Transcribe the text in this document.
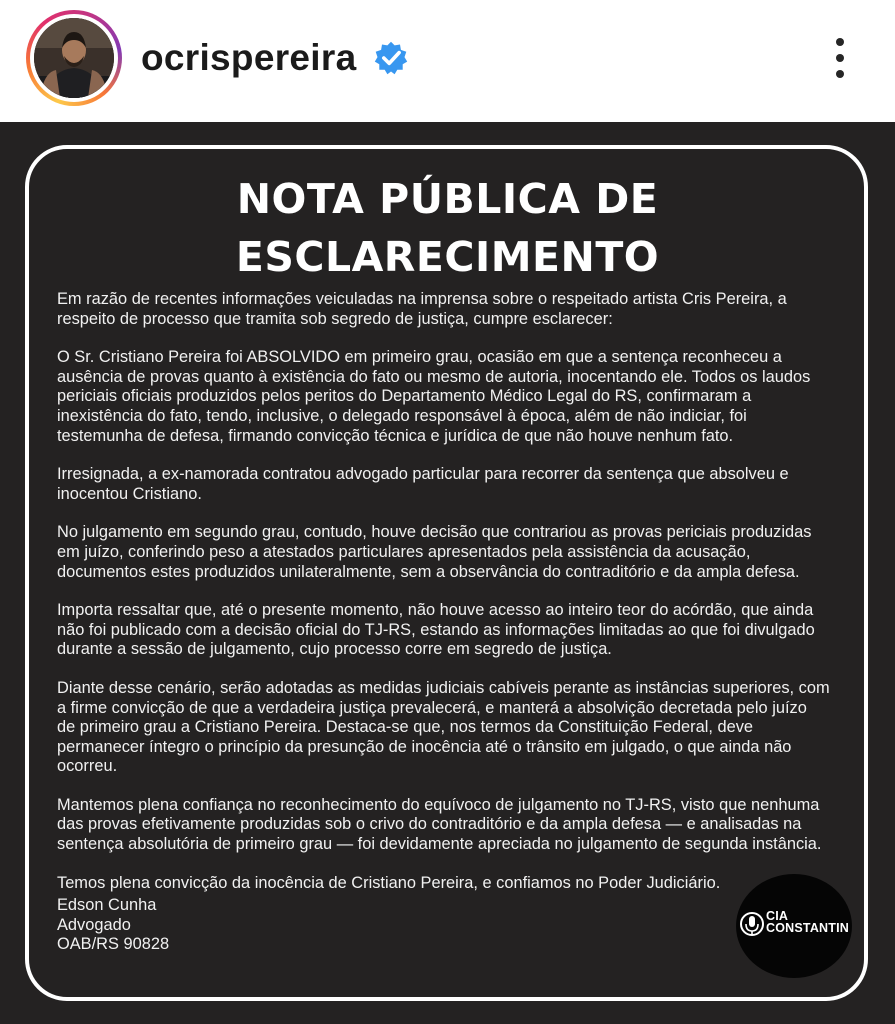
ocrispereira
NOTA PÚBLICA DE
ESCLARECIMENTO

Em razão de recentes informações veiculadas na imprensa sobre o respeitado artista Cris Pereira, a
respeito de processo que tramita sob segredo de justiça, cumpre esclarecer:

O Sr. Cristiano Pereira foi ABSOLVIDO em primeiro grau, ocasião em que a sentença reconheceu a
ausência de provas quanto à existência do fato ou mesmo de autoria, inocentando ele. Todos os laudos
periciais oficiais produzidos pelos peritos do Departamento Médico Legal do RS, confirmaram a
inexistência do fato, tendo, inclusive, o delegado responsável à época, além de não indiciar, foi
testemunha de defesa, firmando convicção técnica e jurídica de que não houve nenhum fato.

Irresignada, a ex-namorada contratou advogado particular para recorrer da sentença que absolveu e
inocentou Cristiano.

No julgamento em segundo grau, contudo, houve decisão que contrariou as provas periciais produzidas
em juízo, conferindo peso a atestados particulares apresentados pela assistência da acusação,
documentos estes produzidos unilateralmente, sem a observância do contraditório e da ampla defesa.

Importa ressaltar que, até o presente momento, não houve acesso ao inteiro teor do acórdão, que ainda
não foi publicado com a decisão oficial do TJ-RS, estando as informações limitadas ao que foi divulgado
durante a sessão de julgamento, cujo processo corre em segredo de justiça.

Diante desse cenário, serão adotadas as medidas judiciais cabíveis perante as instâncias superiores, com
a firme convicção de que a verdadeira justiça prevalecerá, e manterá a absolvição decretada pelo juízo
de primeiro grau a Cristiano Pereira. Destaca-se que, nos termos da Constituição Federal, deve
permanecer íntegro o princípio da presunção de inocência até o trânsito em julgado, o que ainda não
ocorreu.

Mantemos plena confiança no reconhecimento do equívoco de julgamento no TJ-RS, visto que nenhuma
das provas efetivamente produzidas sob o crivo do contraditório e da ampla defesa — e analisadas na
sentença absolutória de primeiro grau — foi devidamente apreciada no julgamento de segunda instância.

Temos plena convicção da inocência de Cristiano Pereira, e confiamos no Poder Judiciário.

Edson Cunha
Advogado
OAB/RS 90828
CIA
CONSTANTIN
